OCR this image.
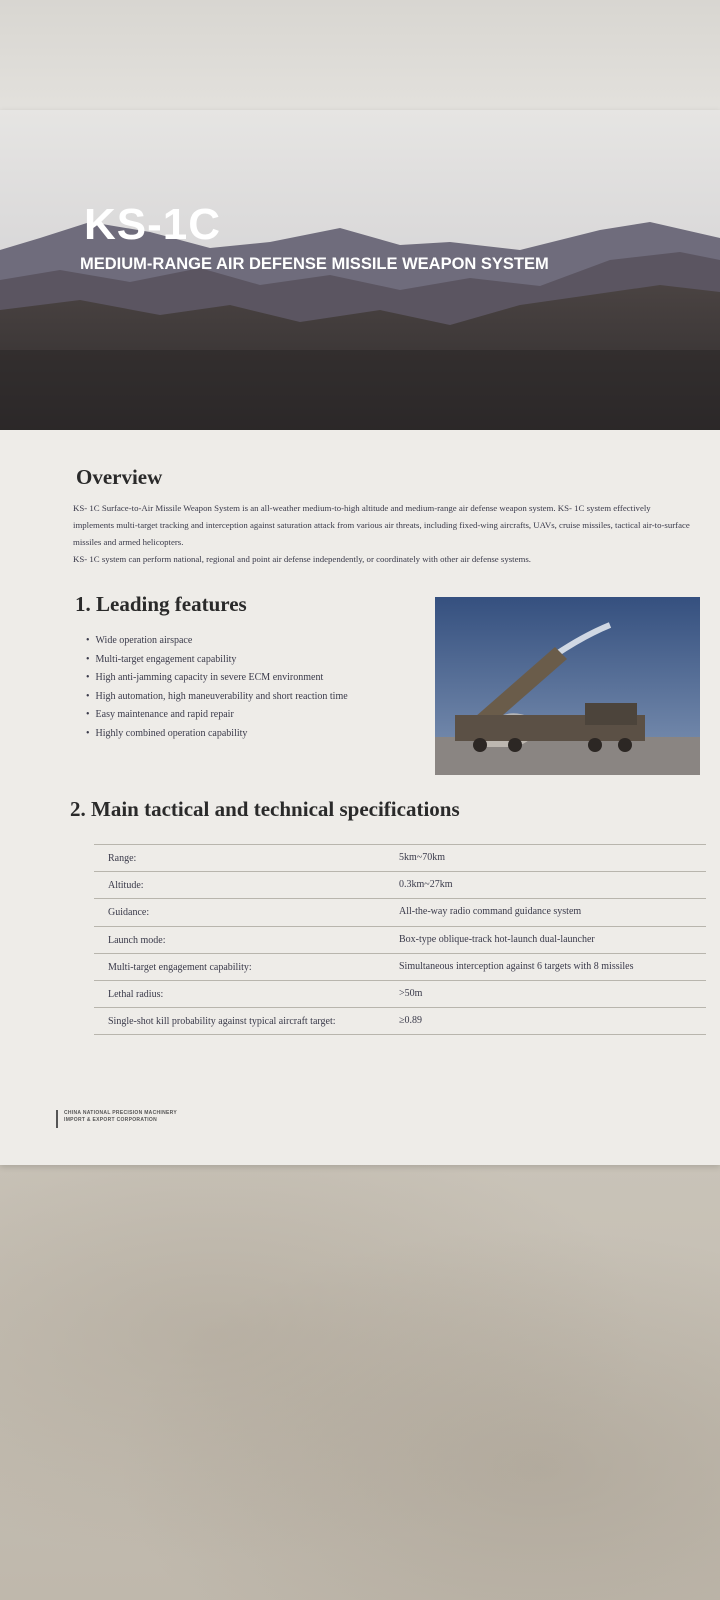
KS-1C

MEDIUM-RANGE AIR DEFENSE MISSILE WEAPON SYSTEM

Overview

KS- 1C Surface-to-Air Missile Weapon System is an all-weather medium-to-high altitude and medium-range air defense weapon system. KS- 1C system effectively implements multi-target tracking and interception against saturation attack from various air threats, including fixed-wing aircrafts, UAVs, cruise missiles, tactical air-to-surface missiles and armed helicopters.

KS- 1C system can perform national, regional and point air defense independently, or coordinately with other air defense systems.

1. Leading features
• Wide operation airspace
• Multi-target engagement capability
• High anti-jamming capacity in severe ECM environment
• High automation, high maneuverability and short reaction time
• Easy maintenance and rapid repair
• Highly combined operation capability
2. Main tactical and technical specifications
Range:	5km~70km
Altitude:	0.3km~27km
Guidance:	All-the-way radio command guidance system
Launch mode:	Box-type oblique-track hot-launch dual-launcher
Multi-target engagement capability:	Simultaneous interception against 6 targets with 8 missiles
Lethal radius:	>50m
Single-shot kill probability against typical aircraft target:	≥0.89

CHINA NATIONAL PRECISION MACHINERY
IMPORT & EXPORT CORPORATION
